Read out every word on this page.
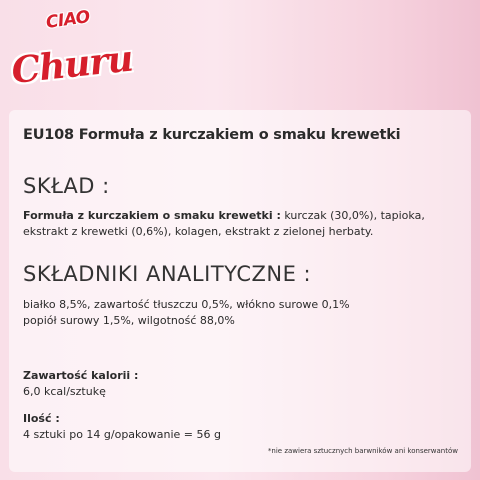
CIAO
Churu
EU108 Formuła z kurczakiem o smaku krewetki
SKŁAD :
Formuła z kurczakiem o smaku krewetki : kurczak (30,0%), tapioka, ekstrakt z krewetki (0,6%), kolagen, ekstrakt z zielonej herbaty.
SKŁADNIKI ANALITYCZNE :
białko 8,5%, zawartość tłuszczu 0,5%, włókno surowe 0,1%
popiół surowy 1,5%, wilgotność 88,0%
Zawartość kalorii :
6,0 kcal/sztukę
Ilość :
4 sztuki po 14 g/opakowanie = 56 g
*nie zawiera sztucznych barwników ani konserwantów
